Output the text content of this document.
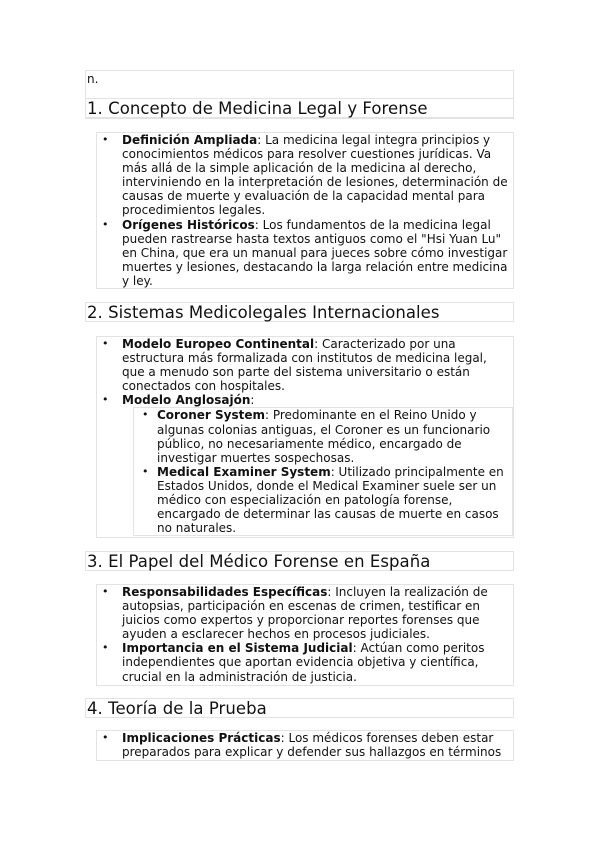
n.
1. Concepto de Medicina Legal y Forense
• Definición Ampliada: La medicina legal integra principios y conocimientos médicos para resolver cuestiones jurídicas. Va más allá de la simple aplicación de la medicina al derecho, interviniendo en la interpretación de lesiones, determinación de causas de muerte y evaluación de la capacidad mental para procedimientos legales.
• Orígenes Históricos: Los fundamentos de la medicina legal pueden rastrearse hasta textos antiguos como el "Hsi Yuan Lu" en China, que era un manual para jueces sobre cómo investigar muertes y lesiones, destacando la larga relación entre medicina y ley.
2. Sistemas Medicolegales Internacionales
• Modelo Europeo Continental: Caracterizado por una estructura más formalizada con institutos de medicina legal, que a menudo son parte del sistema universitario o están conectados con hospitales.
• Modelo Anglosajón:
• Coroner System: Predominante en el Reino Unido y algunas colonias antiguas, el Coroner es un funcionario público, no necesariamente médico, encargado de investigar muertes sospechosas.
• Medical Examiner System: Utilizado principalmente en Estados Unidos, donde el Medical Examiner suele ser un médico con especialización en patología forense, encargado de determinar las causas de muerte en casos no naturales.
3. El Papel del Médico Forense en España
• Responsabilidades Específicas: Incluyen la realización de autopsias, participación en escenas de crimen, testificar en juicios como expertos y proporcionar reportes forenses que ayuden a esclarecer hechos en procesos judiciales.
• Importancia en el Sistema Judicial: Actúan como peritos independientes que aportan evidencia objetiva y científica, crucial en la administración de justicia.
4. Teoría de la Prueba
• Implicaciones Prácticas: Los médicos forenses deben estar preparados para explicar y defender sus hallazgos en términos
